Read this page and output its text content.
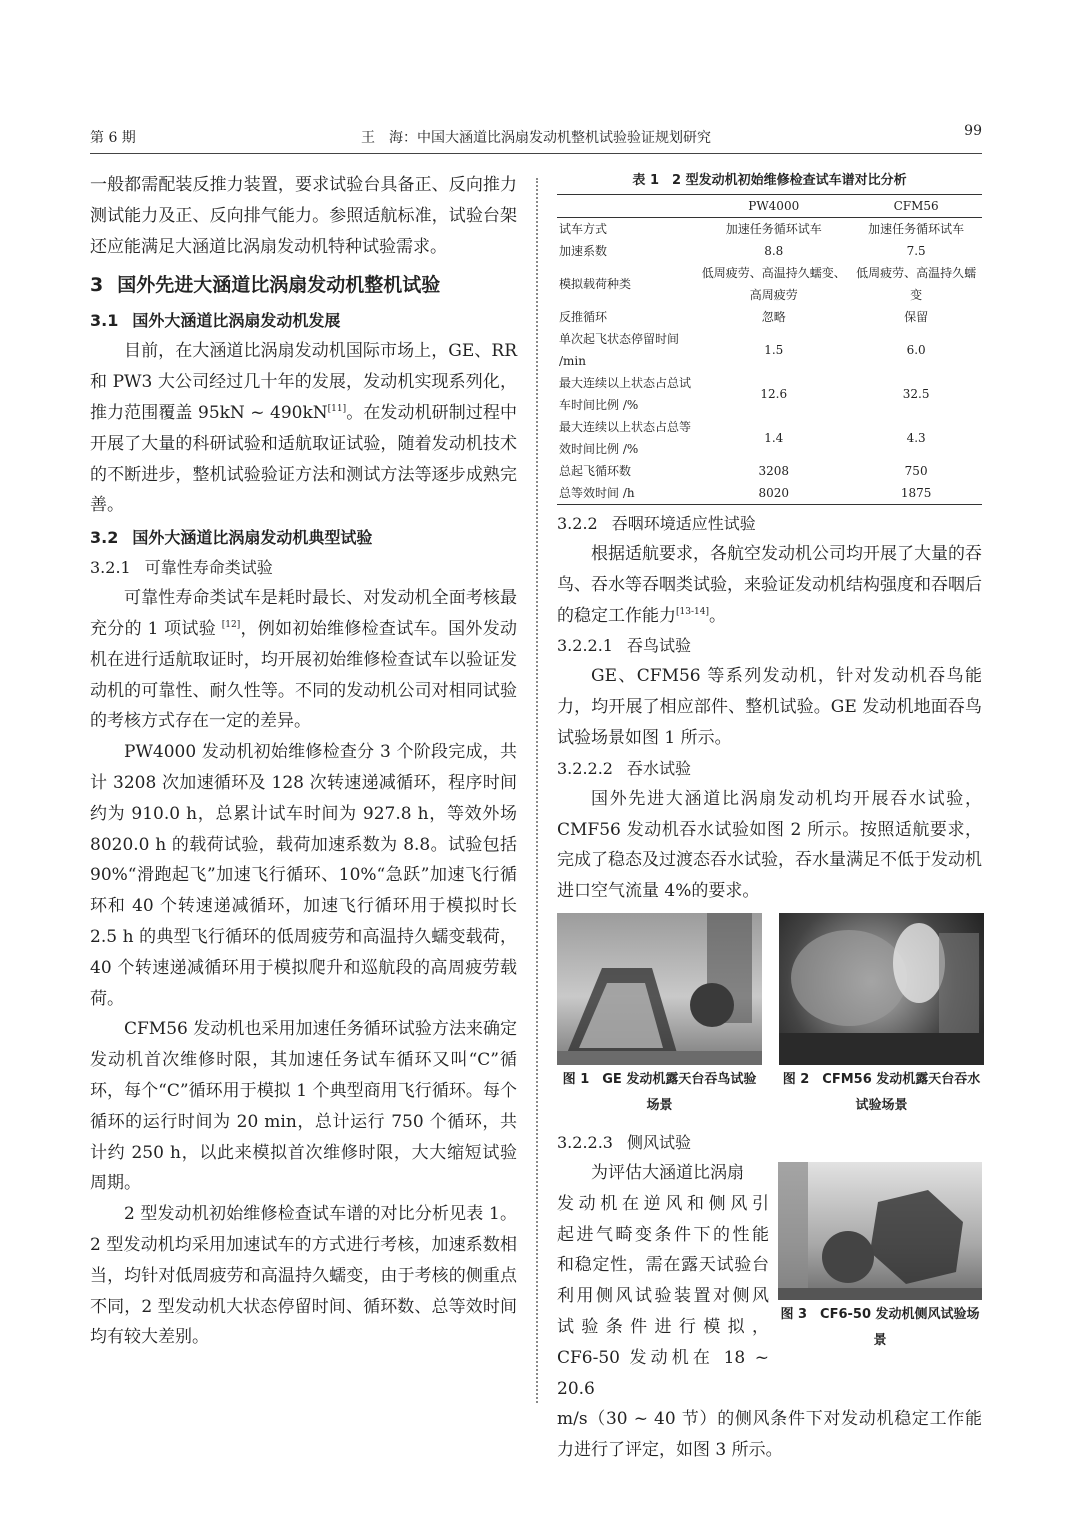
第 6 期	王　海：中国大涵道比涡扇发动机整机试验验证规划研究	99

一般都需配装反推力装置，要求试验台具备正、反向推力测试能力及正、反向排气能力。参照适航标准，试验台架还应能满足大涵道比涡扇发动机特种试验需求。

3 国外先进大涵道比涡扇发动机整机试验
3.1 国外大涵道比涡扇发动机发展

目前，在大涵道比涡扇发动机国际市场上，GE、RR 和 PW3 大公司经过几十年的发展，发动机实现系列化，推力范围覆盖 95kN ~ 490kN[11]。在发动机研制过程中开展了大量的科研试验和适航取证试验，随着发动机技术的不断进步，整机试验验证方法和测试方法等逐步成熟完善。

3.2 国外大涵道比涡扇发动机典型试验
3.2.1 可靠性寿命类试验

可靠性寿命类试车是耗时最长、对发动机全面考核最充分的 1 项试验 [12]，例如初始维修检查试车。国外发动机在进行适航取证时，均开展初始维修检查试车以验证发动机的可靠性、耐久性等。不同的发动机公司对相同试验的考核方式存在一定的差异。

PW4000 发动机初始维修检查分 3 个阶段完成，共计 3208 次加速循环及 128 次转速递减循环，程序时间约为 910.0 h，总累计试车时间为 927.8 h，等效外场 8020.0 h 的载荷试验，载荷加速系数为 8.8。试验包括 90%“滑跑起飞”加速飞行循环、10%“急跃”加速飞行循环和 40 个转速递减循环，加速飞行循环用于模拟时长 2.5 h 的典型飞行循环的低周疲劳和高温持久蠕变载荷，40 个转速递减循环用于模拟爬升和巡航段的高周疲劳载荷。

CFM56 发动机也采用加速任务循环试验方法来确定发动机首次维修时限，其加速任务试车循环又叫“C”循环，每个“C”循环用于模拟 1 个典型商用飞行循环。每个循环的运行时间为 20 min，总计运行 750 个循环，共计约 250 h，以此来模拟首次维修时限，大大缩短试验周期。

2 型发动机初始维修检查试车谱的对比分析见表 1。2 型发动机均采用加速试车的方式进行考核，加速系数相当，均针对低周疲劳和高温持久蠕变，由于考核的侧重点不同，2 型发动机大状态停留时间、循环数、总等效时间均有较大差别。

表 1　2 型发动机初始维修检查试车谱对比分析
	PW4000	CFM56
试车方式	加速任务循环试车	加速任务循环试车
加速系数	8.8	7.5
模拟载荷种类	低周疲劳、高温持久蠕变、高周疲劳	低周疲劳、高温持久蠕变
反推循环	忽略	保留
单次起飞状态停留时间 /min	1.5	6.0
最大连续以上状态占总试车时间比例 /%	12.6	32.5
最大连续以上状态占总等效时间比例 /%	1.4	4.3
总起飞循环数	3208	750
总等效时间 /h	8020	1875
3.2.2 吞咽环境适应性试验

根据适航要求，各航空发动机公司均开展了大量的吞鸟、吞水等吞咽类试验，来验证发动机结构强度和吞咽后的稳定工作能力[13-14]。

3.2.2.1 吞鸟试验

GE、CFM56 等系列发动机，针对发动机吞鸟能力，均开展了相应部件、整机试验。GE 发动机地面吞鸟试验场景如图 1 所示。

3.2.2.2 吞水试验

国外先进大涵道比涡扇发动机均开展吞水试验，CMF56 发动机吞水试验如图 2 所示。按照适航要求，完成了稳态及过渡态吞水试验，吞水量满足不低于发动机进口空气流量 4%的要求。

图 1　GE 发动机露天台吞鸟试验场景
图 2　CFM56 发动机露天台吞水试验场景
3.2.2.3 侧风试验

为评估大涵道比涡扇

发动机在逆风和侧风引

起进气畸变条件下的性能

和稳定性，需在露天试验台

利用侧风试验装置对侧风

试 验 条 件 进 行 模 拟 ，

CF6-50 发动机在 18 ~ 20.6

图 3　CF6-50 发动机侧风试验场景

m/s（30 ~ 40 节）的侧风条件下对发动机稳定工作能力进行了评定，如图 3 所示。
